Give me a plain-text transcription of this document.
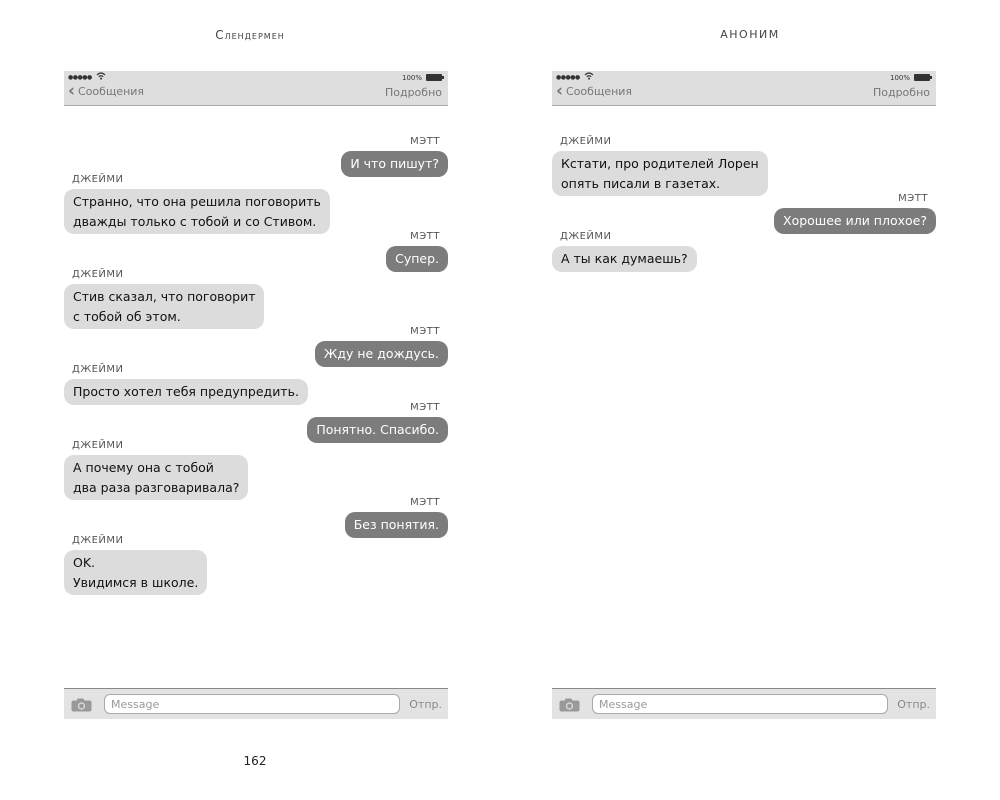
Слендермен
●●●●●	100%
‹ Сообщения	Подробно
МЭТТ
И что пишут?
ДЖЕЙМИ
Странно, что она решила поговорить
дважды только с тобой и со Стивом.
МЭТТ
Супер.
ДЖЕЙМИ
Стив сказал, что поговорит
с тобой об этом.
МЭТТ
Жду не дождусь.
ДЖЕЙМИ
Просто хотел тебя предупредить.
МЭТТ
Понятно. Спасибо.
ДЖЕЙМИ
А почему она с тобой
два раза разговаривала?
МЭТТ
Без понятия.
ДЖЕЙМИ
OK.
Увидимся в школе.
Message
Отпр.
162
АНОНИМ
●●●●●	100%
‹ Сообщения	Подробно
ДЖЕЙМИ
Кстати, про родителей Лорен
опять писали в газетах.
МЭТТ
Хорошее или плохое?
ДЖЕЙМИ
А ты как думаешь?
Message
Отпр.
